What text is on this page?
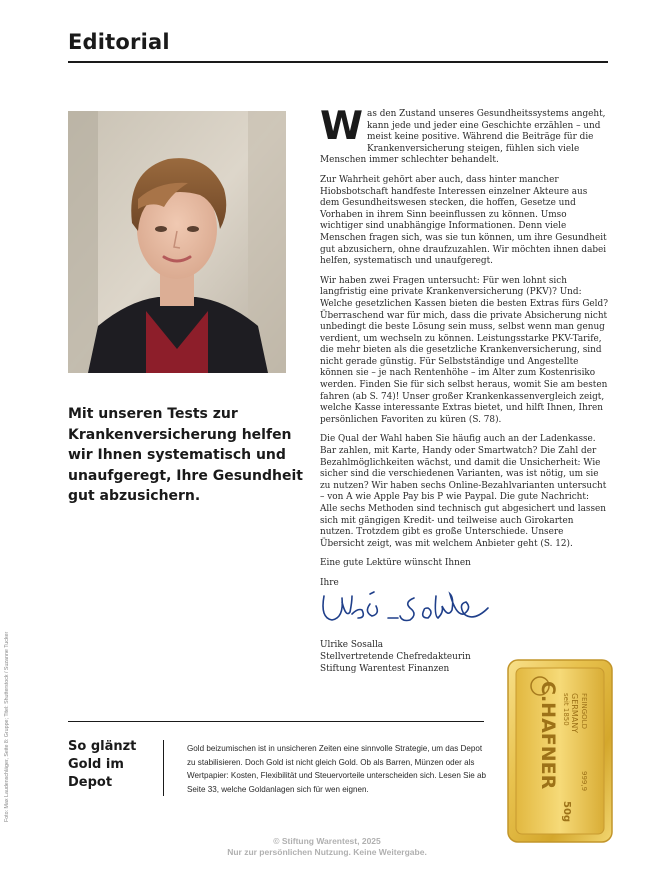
Editorial
Mit unseren Tests zur Krankenversicherung helfen wir Ihnen systematisch und unaufgeregt, Ihre Gesundheit gut abzusichern.
Foto: Max Laudenschläger, Seite 8: Gruppe; Titel: Shutterstock / Suzanne Tucker

Was den Zustand unseres Gesundheitssystems angeht, kann jede und jeder eine Geschichte erzählen – und meist keine positive. Während die Beiträge für die Krankenversicherung steigen, fühlen sich viele Menschen immer schlechter behandelt.

Zur Wahrheit gehört aber auch, dass hinter mancher Hiobsbotschaft handfeste Interessen einzelner Akteure aus dem Gesundheitswesen stecken, die hoffen, Gesetze und Vorhaben in ihrem Sinn beeinflussen zu können. Umso wichtiger sind unabhängige Informationen. Denn viele Menschen fragen sich, was sie tun können, um ihre Gesundheit gut abzusichern, ohne draufzuzahlen. Wir möchten ihnen dabei helfen, systematisch und unaufgeregt.

Wir haben zwei Fragen untersucht: Für wen lohnt sich langfristig eine private Krankenversicherung (PKV)? Und: Welche gesetzlichen Kassen bieten die besten Extras fürs Geld? Überraschend war für mich, dass die private Absicherung nicht unbedingt die beste Lösung sein muss, selbst wenn man genug verdient, um wechseln zu können. Leistungsstarke PKV-Tarife, die mehr bieten als die gesetzliche Krankenversicherung, sind nicht gerade günstig. Für Selbstständige und Angestellte können sie – je nach Rentenhöhe – im Alter zum Kostenrisiko werden. Finden Sie für sich selbst heraus, womit Sie am besten fahren (ab S. 74)! Unser großer Krankenkassenvergleich zeigt, welche Kasse interessante Extras bietet, und hilft Ihnen, Ihren persönlichen Favoriten zu küren (S. 78).

Die Qual der Wahl haben Sie häufig auch an der Ladenkasse. Bar zahlen, mit Karte, Handy oder Smartwatch? Die Zahl der Bezahlmöglichkeiten wächst, und damit die Unsicherheit: Wie sicher sind die verschiedenen Varianten, was ist nötig, um sie zu nutzen? Wir haben sechs Online-Bezahlvarianten untersucht – von A wie Apple Pay bis P wie Paypal. Die gute Nachricht: Alle sechs Methoden sind technisch gut abgesichert und lassen sich mit gängigen Kredit- und teilweise auch Girokarten nutzen. Trotzdem gibt es große Unterschiede. Unsere Übersicht zeigt, was mit welchem Anbieter geht (S. 12).

Eine gute Lektüre wünscht Ihnen

Ihre
Ulrike Sosalla
Stellvertretende Chefredakteurin
Stiftung Warentest Finanzen
So glänzt Gold im Depot
Gold beizumischen ist in unsicheren Zeiten eine sinnvolle Strategie, um das Depot zu stabilisieren. Doch Gold ist nicht gleich Gold. Ob als Barren, Münzen oder als Wertpapier: Kosten, Flexibilität und Steuervorteile unterscheiden sich. Lesen Sie ab Seite 33, welche Goldanlagen sich für wen eignen.
C.HAFNER seit 1850 GERMANY FEINGOLD
999,9
50g
© Stiftung Warentest, 2025
Nur zur persönlichen Nutzung. Keine Weitergabe.
